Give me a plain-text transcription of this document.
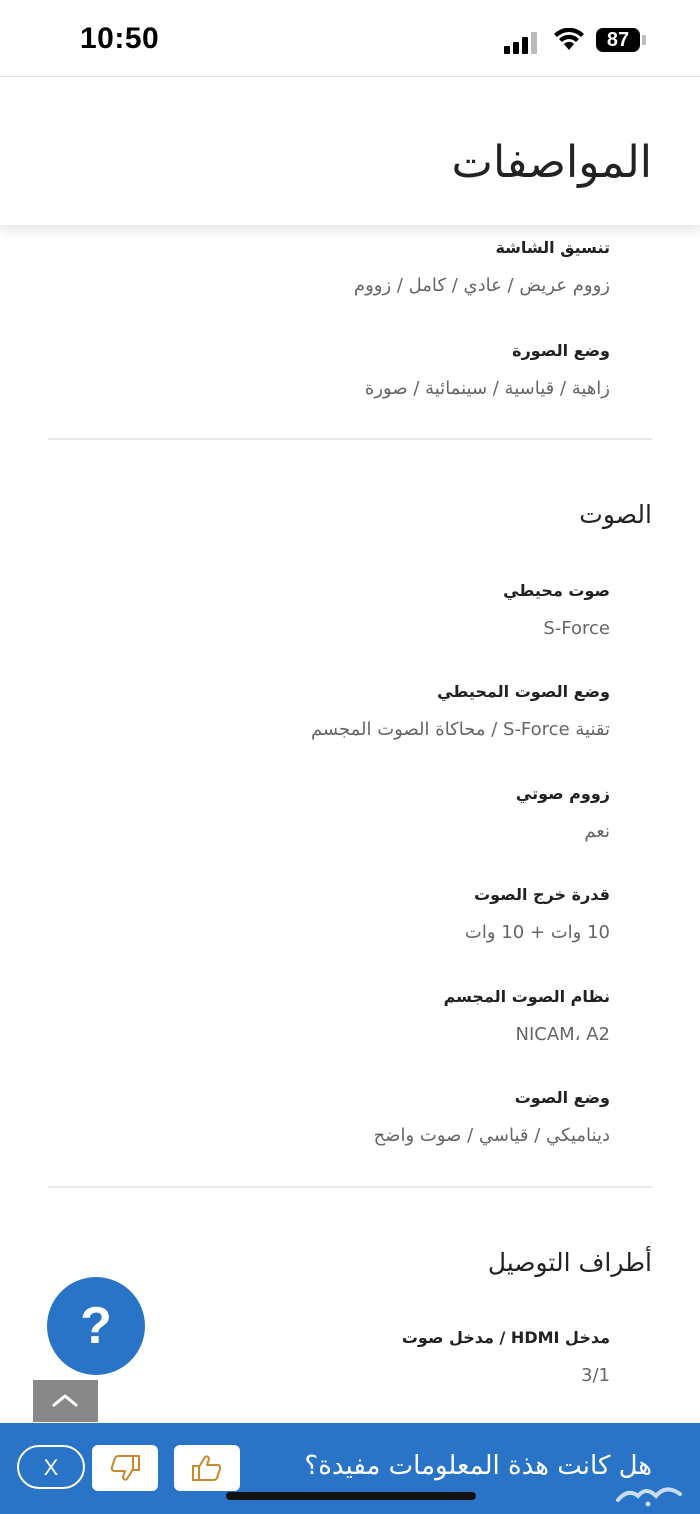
10:50	87
المواصفات
تنسيق الشاشة
زووم عريض / عادي / كامل / زووم
وضع الصورة
زاهية / قياسية / سينمائية / صورة
الصوت
صوت محيطي
S-Force
وضع الصوت المحيطي
تقنية S-Force / محاكاة الصوت المجسم
زووم صوتي
نعم
قدرة خرج الصوت
10 وات + 10 وات
نظام الصوت المجسم
NICAM، A2
وضع الصوت
ديناميكي / قياسي / صوت واضح
أطراف التوصيل
مدخل HDMI / مدخل صوت
3/1
?
هل كانت هذة المعلومات مفيدة؟
X
